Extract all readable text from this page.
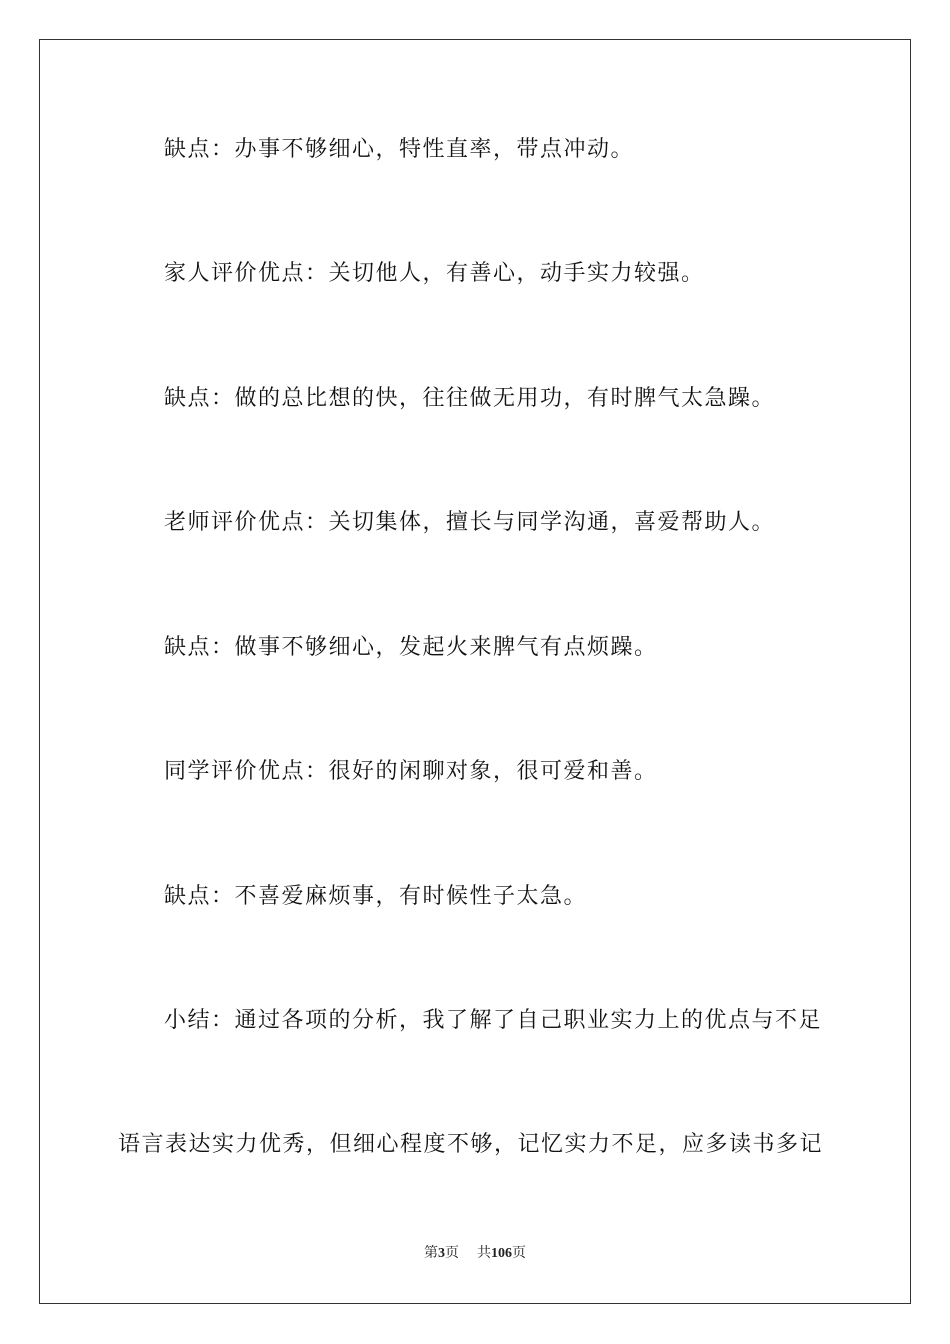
缺点：办事不够细心，特性直率，带点冲动。

家人评价优点：关切他人，有善心，动手实力较强。

缺点：做的总比想的快，往往做无用功，有时脾气太急躁。

老师评价优点：关切集体，擅长与同学沟通，喜爱帮助人。

缺点：做事不够细心，发起火来脾气有点烦躁。

同学评价优点：很好的闲聊对象，很可爱和善。

缺点：不喜爱麻烦事，有时候性子太急。

小结：通过各项的分析，我了解了自己职业实力上的优点与不足

语言表达实力优秀，但细心程度不够，记忆实力不足，应多读书多记

第3页 共106页
